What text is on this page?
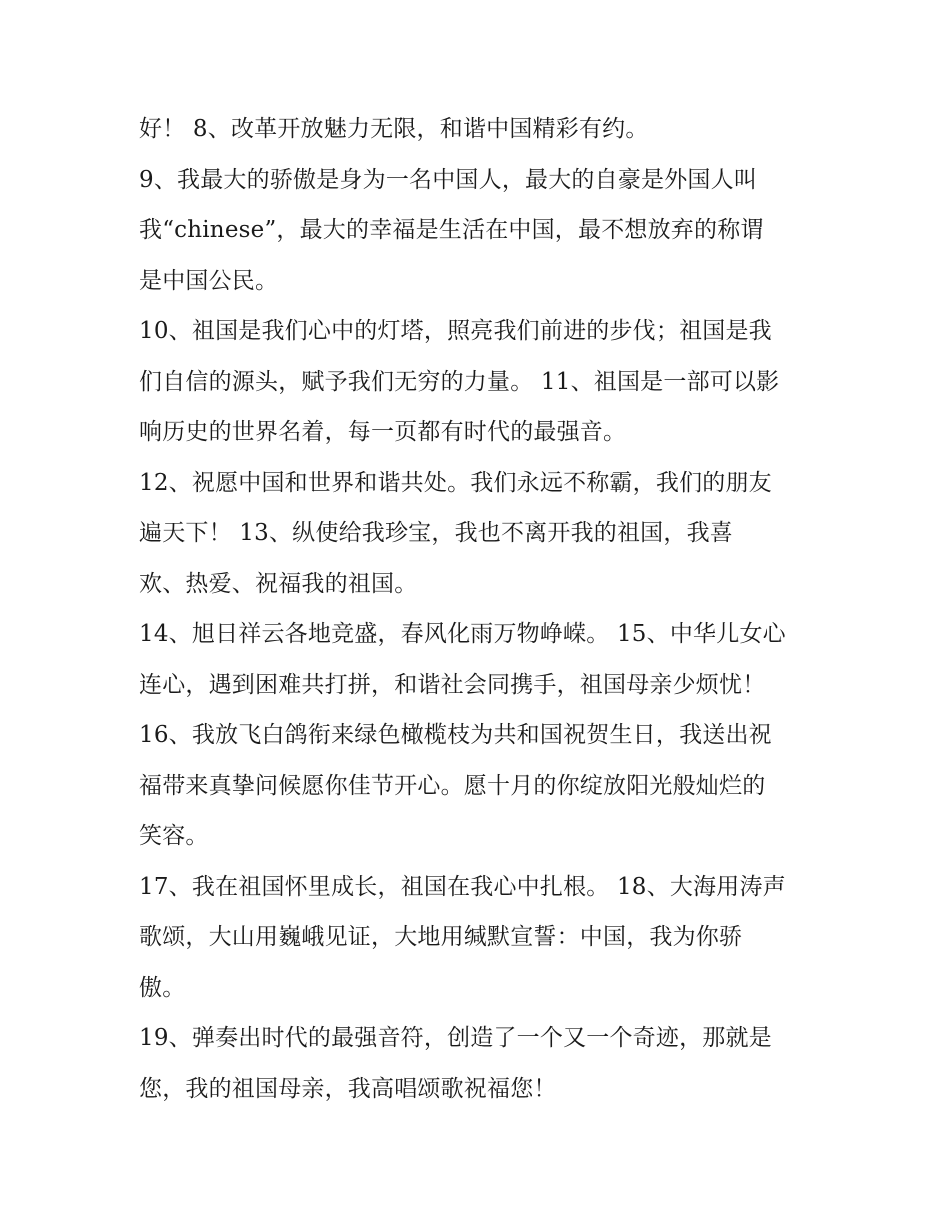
好！ 8、改革开放魅力无限，和谐中国精彩有约。
9、我最大的骄傲是身为一名中国人，最大的自豪是外国人叫
我“chinese”，最大的幸福是生活在中国，最不想放弃的称谓
是中国公民。
10、祖国是我们心中的灯塔，照亮我们前进的步伐；祖国是我
们自信的源头，赋予我们无穷的力量。 11、祖国是一部可以影
响历史的世界名着，每一页都有时代的最强音。
12、祝愿中国和世界和谐共处。我们永远不称霸，我们的朋友
遍天下！ 13、纵使给我珍宝，我也不离开我的祖国，我喜
欢、热爱、祝福我的祖国。
14、旭日祥云各地竞盛，春风化雨万物峥嵘。 15、中华儿女心
连心，遇到困难共打拼，和谐社会同携手，祖国母亲少烦忧！
16、我放飞白鸽衔来绿色橄榄枝为共和国祝贺生日，我送出祝
福带来真挚问候愿你佳节开心。愿十月的你绽放阳光般灿烂的
笑容。
17、我在祖国怀里成长，祖国在我心中扎根。 18、大海用涛声
歌颂，大山用巍峨见证，大地用缄默宣誓：中国，我为你骄
傲。
19、弹奏出时代的最强音符，创造了一个又一个奇迹，那就是
您，我的祖国母亲，我高唱颂歌祝福您！
